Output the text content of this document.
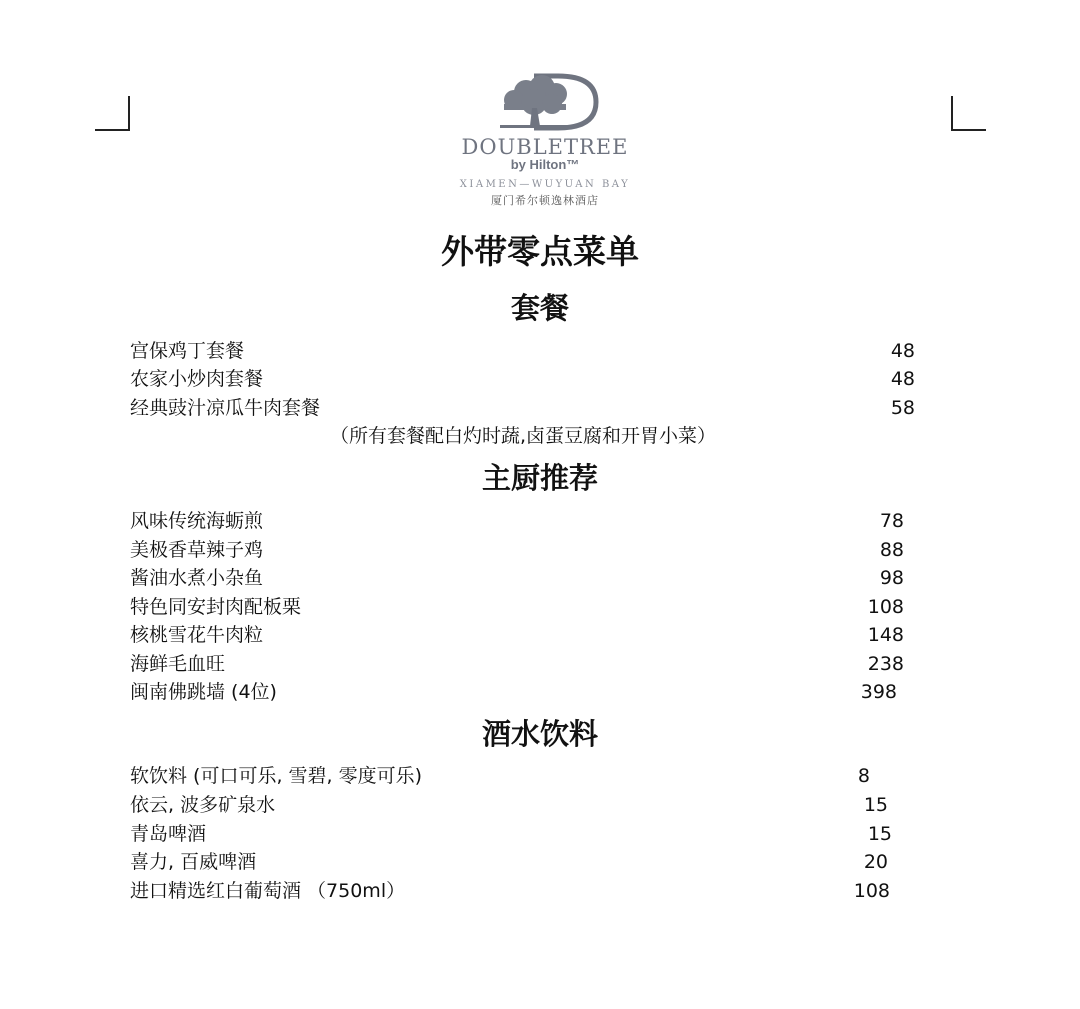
DOUBLETREE
by Hilton™
XIAMEN—WUYUAN BAY
厦门希尔顿逸林酒店
外带零点菜单
套餐
宫保鸡丁套餐	48
农家小炒肉套餐	48
经典豉汁凉瓜牛肉套餐	58
（所有套餐配白灼时蔬,卤蛋豆腐和开胃小菜）
主厨推荐
风味传统海蛎煎	78
美极香草辣子鸡	88
酱油水煮小杂鱼	98
特色同安封肉配板栗	108
核桃雪花牛肉粒	148
海鲜毛血旺	238
闽南佛跳墙 (4位)	398
酒水饮料
软饮料 (可口可乐, 雪碧, 零度可乐)	8
依云, 波多矿泉水	15
青岛啤酒	15
喜力, 百威啤酒	20
进口精选红白葡萄酒 （750ml）	108
